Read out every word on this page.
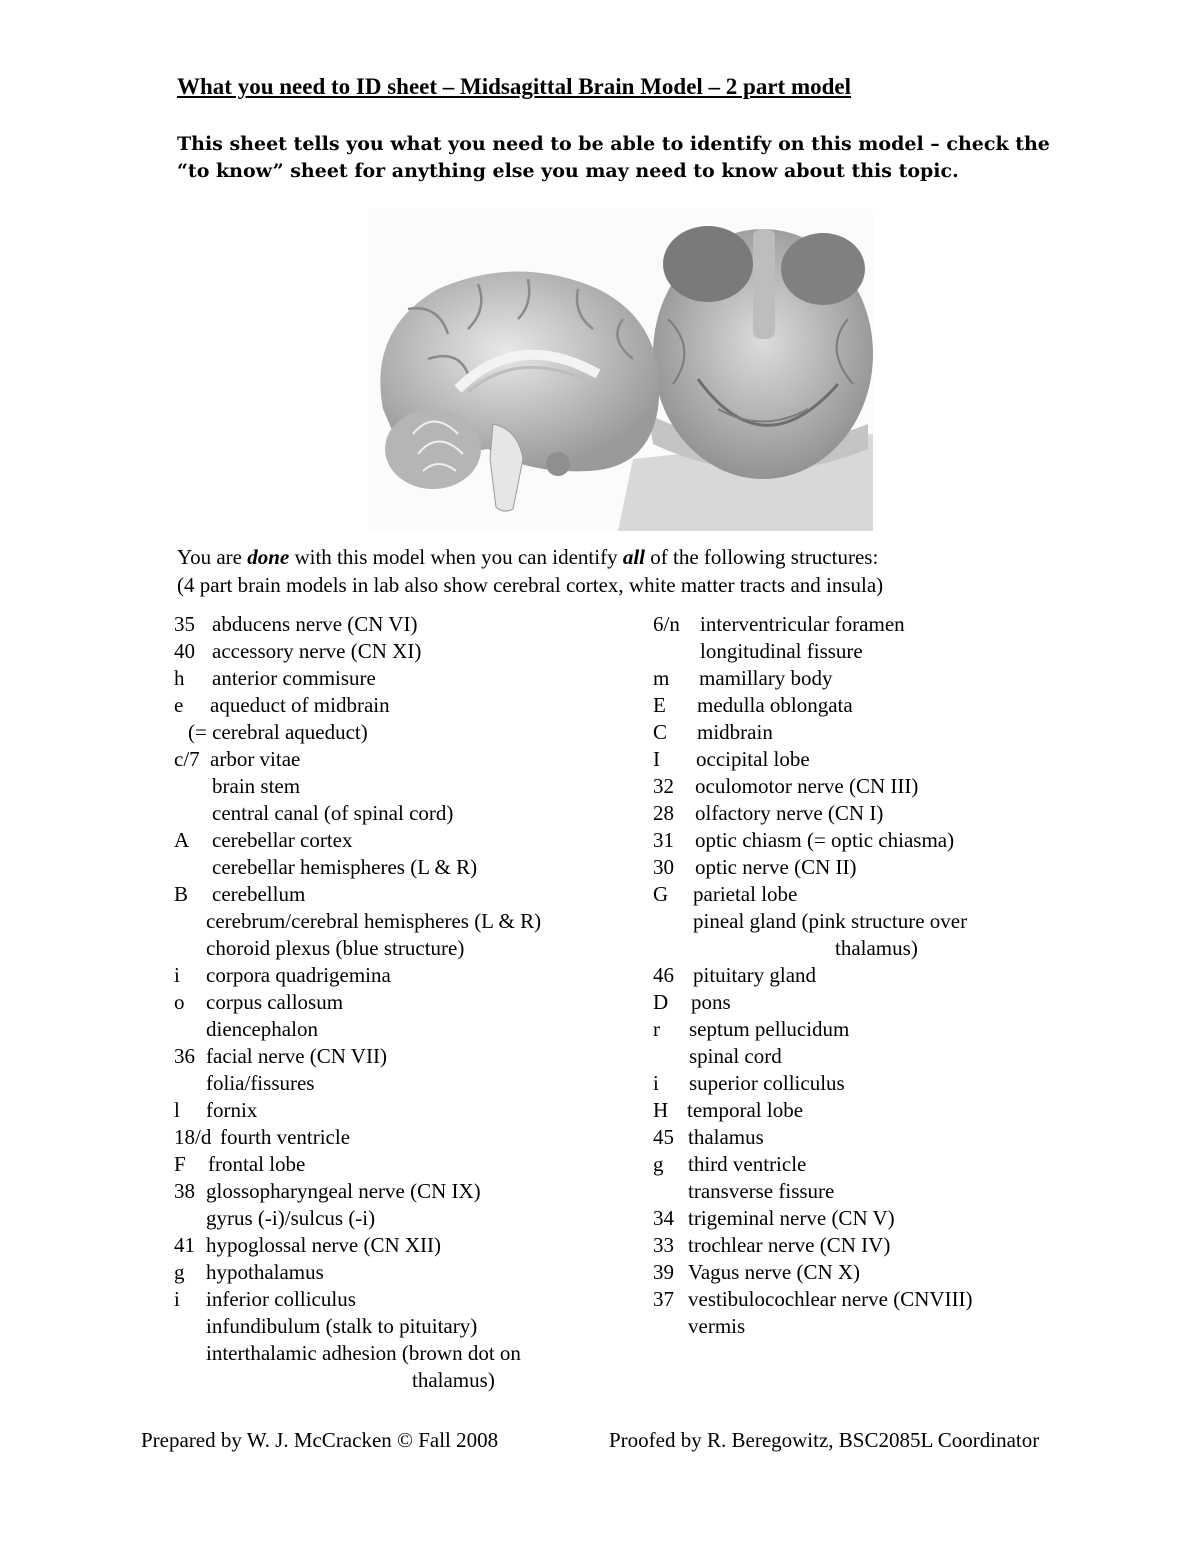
What you need to ID sheet – Midsagittal Brain Model – 2 part model
This sheet tells you what you need to be able to identify on this model – check the
“to know” sheet for anything else you may need to know about this topic.
You are done with this model when you can identify all of the following structures:
(4 part brain models in lab also show cerebral cortex, white matter tracts and insula)
35 abducens nerve (CN VI)
40 accessory nerve (CN XI)
h anterior commisure
e aqueduct of midbrain
(= cerebral aqueduct)
c/7 arbor vitae
brain stem
central canal (of spinal cord)
A cerebellar cortex
cerebellar hemispheres (L & R)
B cerebellum
cerebrum/cerebral hemispheres (L & R)
choroid plexus (blue structure)
i corpora quadrigemina
o corpus callosum
diencephalon
36 facial nerve (CN VII)
folia/fissures
l fornix
18/d fourth ventricle
F frontal lobe
38 glossopharyngeal nerve (CN IX)
gyrus (-i)/sulcus (-i)
41 hypoglossal nerve (CN XII)
g hypothalamus
i inferior colliculus
infundibulum (stalk to pituitary)
interthalamic adhesion (brown dot on
thalamus)
6/n interventricular foramen
longitudinal fissure
m mamillary body
E medulla oblongata
C midbrain
I occipital lobe
32 oculomotor nerve (CN III)
28 olfactory nerve (CN I)
31 optic chiasm (= optic chiasma)
30 optic nerve (CN II)
G parietal lobe
pineal gland (pink structure over
thalamus)
46 pituitary gland
D pons
r septum pellucidum
spinal cord
i superior colliculus
H temporal lobe
45 thalamus
g third ventricle
transverse fissure
34 trigeminal nerve (CN V)
33 trochlear nerve (CN IV)
39 Vagus nerve (CN X)
37 vestibulocochlear nerve (CNVIII)
vermis
Prepared by W. J. McCracken © Fall 2008	Proofed by R. Beregowitz, BSC2085L Coordinator
